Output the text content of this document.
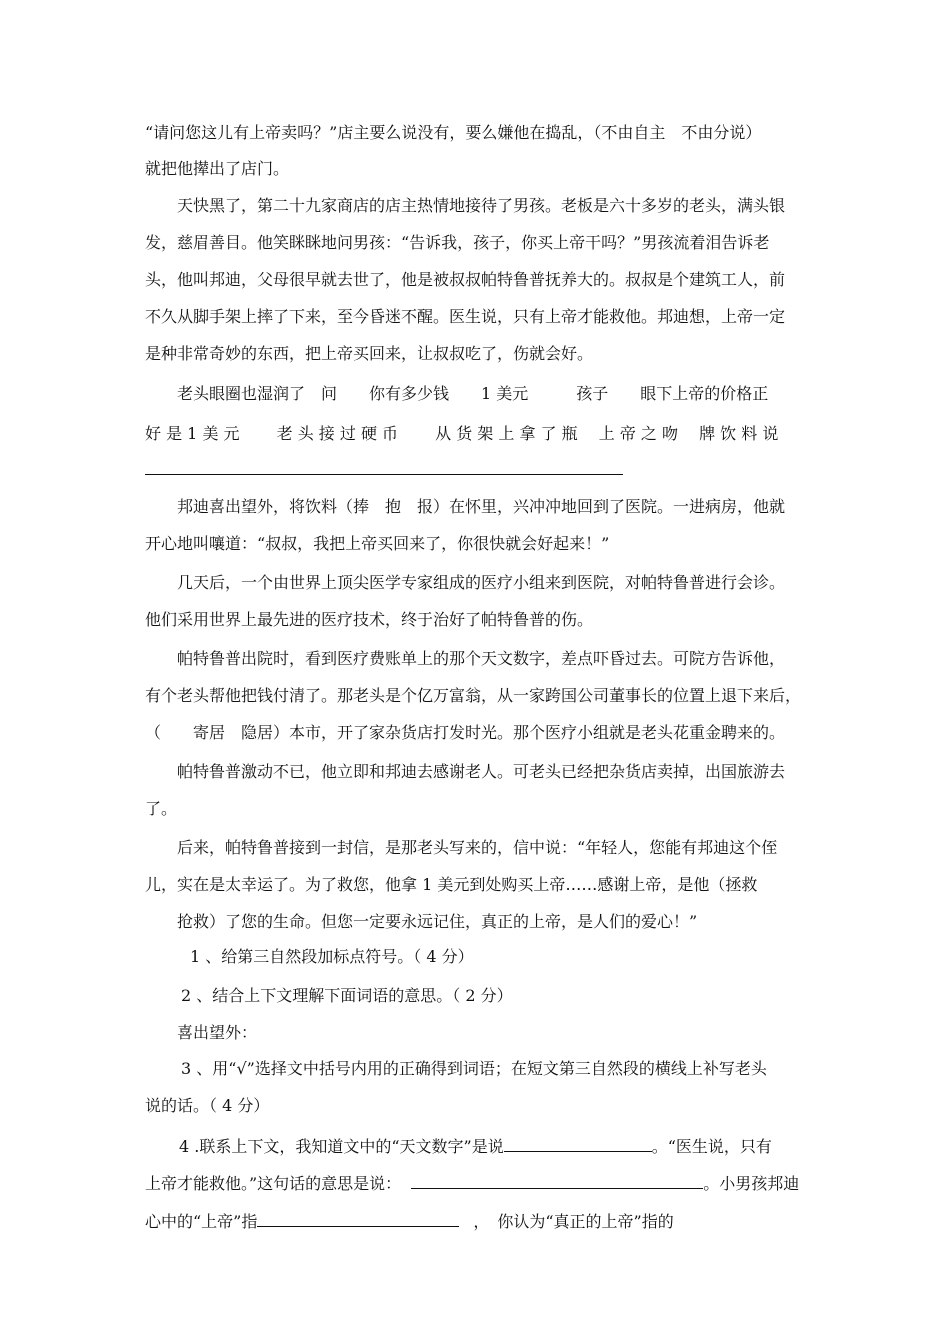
“请问您这儿有上帝卖吗？”店主要么说没有，要么嫌他在捣乱，（不由自主　不由分说）
就把他撵出了店门。
天快黑了，第二十九家商店的店主热情地接待了男孩。老板是六十多岁的老头，满头银
发，慈眉善目。他笑眯眯地问男孩：“告诉我，孩子，你买上帝干吗？”男孩流着泪告诉老
头，他叫邦迪，父母很早就去世了，他是被叔叔帕特鲁普抚养大的。叔叔是个建筑工人，前
不久从脚手架上摔了下来，至今昏迷不醒。医生说，只有上帝才能救他。邦迪想，上帝一定
是种非常奇妙的东西，把上帝买回来，让叔叔吃了，伤就会好。
老头眼圈也湿润了　问　　你有多少钱　　1 美元　　　孩子　　眼下上帝的价格正
好 是 1 美 元　　 老 头 接 过 硬 币　　 从 货 架 上 拿 了 瓶　 上 帝 之 吻　 牌 饮 料 说
邦迪喜出望外，将饮料（捧　抱　报）在怀里，兴冲冲地回到了医院。一进病房，他就
开心地叫嚷道：“叔叔，我把上帝买回来了，你很快就会好起来！”
几天后，一个由世界上顶尖医学专家组成的医疗小组来到医院，对帕特鲁普进行会诊。
他们采用世界上最先进的医疗技术，终于治好了帕特鲁普的伤。
帕特鲁普出院时，看到医疗费账单上的那个天文数字，差点吓昏过去。可院方告诉他，
有个老头帮他把钱付清了。那老头是个亿万富翁，从一家跨国公司董事长的位置上退下来后，
（　　寄居　隐居）本市，开了家杂货店打发时光。那个医疗小组就是老头花重金聘来的。
帕特鲁普激动不已，他立即和邦迪去感谢老人。可老头已经把杂货店卖掉，出国旅游去
了。
后来，帕特鲁普接到一封信，是那老头写来的，信中说：“年轻人，您能有邦迪这个侄
儿，实在是太幸运了。为了救您，他拿 1 美元到处购买上帝……感谢上帝，是他（拯救
抢救）了您的生命。但您一定要永远记住，真正的上帝，是人们的爱心！”
1 、给第三自然段加标点符号。（ 4 分）
2 、结合上下文理解下面词语的意思。（ 2 分）
喜出望外：
3 、用“√”选择文中括号内用的正确得到词语；在短文第三自然段的横线上补写老头
说的话。（ 4 分）
4 .联系上下文，我知道文中的“天文数字”是说	。“医生说，只有
上帝才能救他。”这句话的意思是说：	。小男孩邦迪
心中的“上帝”指	，　你认为“真正的上帝”指的
